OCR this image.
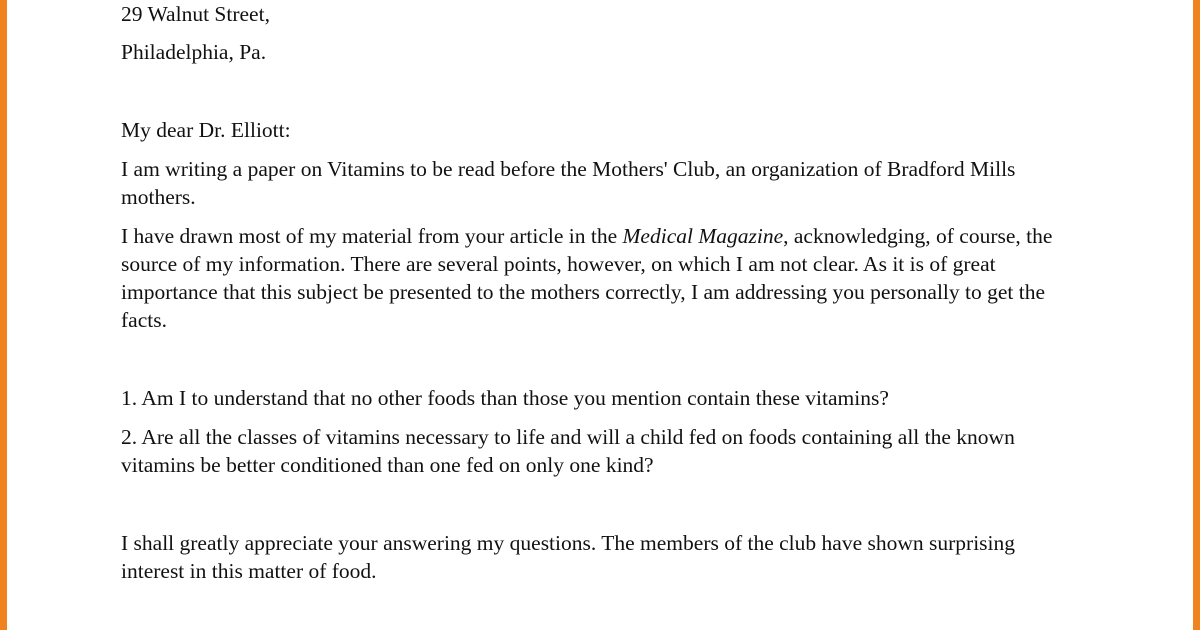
29 Walnut Street,
Philadelphia, Pa.
My dear Dr. Elliott:
I am writing a paper on Vitamins to be read before the Mothers' Club, an organization of Bradford Mills mothers.
I have drawn most of my material from your article in the Medical Magazine, acknowledging, of course, the source of my information. There are several points, however, on which I am not clear. As it is of great importance that this subject be presented to the mothers correctly, I am addressing you personally to get the facts.
1. Am I to understand that no other foods than those you mention contain these vitamins?
2. Are all the classes of vitamins necessary to life and will a child fed on foods containing all the known vitamins be better conditioned than one fed on only one kind?
I shall greatly appreciate your answering my questions. The members of the club have shown surprising interest in this matter of food.
